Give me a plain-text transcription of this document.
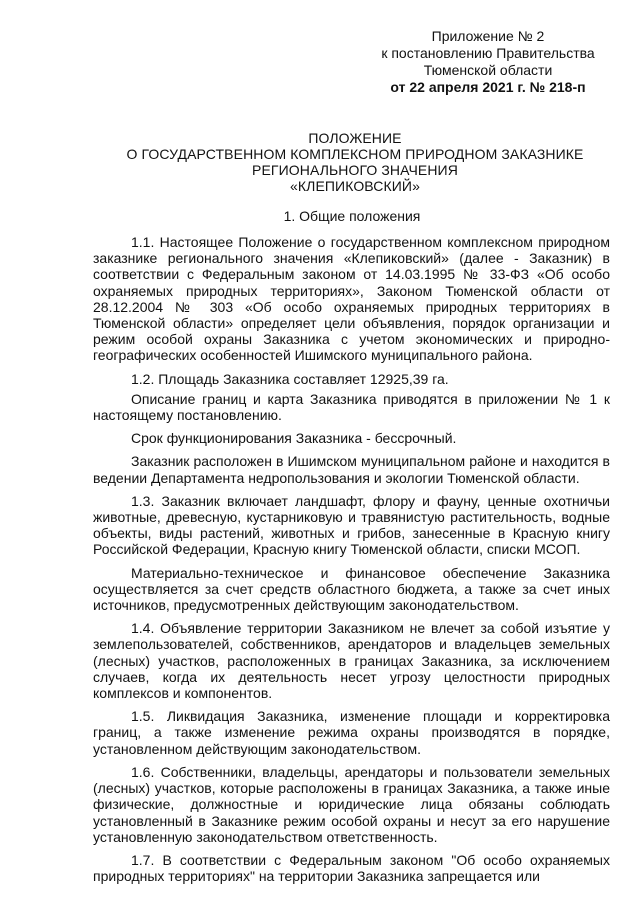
Приложение № 2
к постановлению Правительства
Тюменской области
от 22 апреля 2021 г. № 218-п
ПОЛОЖЕНИЕ
О ГОСУДАРСТВЕННОМ КОМПЛЕКСНОМ ПРИРОДНОМ ЗАКАЗНИКЕ
РЕГИОНАЛЬНОГО ЗНАЧЕНИЯ
«КЛЕПИКОВСКИЙ»
1. Общие положения

1.1. Настоящее Положение о государственном комплексном природном заказнике регионального значения «Клепиковский» (далее - Заказник) в соответствии с Федеральным законом от 14.03.1995 № 33-ФЗ «Об особо охраняемых природных территориях», Законом Тюменской области от 28.12.2004 № 303 «Об особо охраняемых природных территориях в Тюменской области» определяет цели объявления, порядок организации и режим особой охраны Заказника с учетом экономических и природно-географических особенностей Ишимского муниципального района.

1.2. Площадь Заказника составляет 12925,39 га.

Описание границ и карта Заказника приводятся в приложении № 1 к настоящему постановлению.

Срок функционирования Заказника - бессрочный.

Заказник расположен в Ишимском муниципальном районе и находится в ведении Департамента недропользования и экологии Тюменской области.

1.3. Заказник включает ландшафт, флору и фауну, ценные охотничьи животные, древесную, кустарниковую и травянистую растительность, водные объекты, виды растений, животных и грибов, занесенные в Красную книгу Российской Федерации, Красную книгу Тюменской области, списки МСОП.

Материально-техническое и финансовое обеспечение Заказника осуществляется за счет средств областного бюджета, а также за счет иных источников, предусмотренных действующим законодательством.

1.4. Объявление территории Заказником не влечет за собой изъятие у землепользователей, собственников, арендаторов и владельцев земельных (лесных) участков, расположенных в границах Заказника, за исключением случаев, когда их деятельность несет угрозу целостности природных комплексов и компонентов.

1.5. Ликвидация Заказника, изменение площади и корректировка границ, а также изменение режима охраны производятся в порядке, установленном действующим законодательством.

1.6. Собственники, владельцы, арендаторы и пользователи земельных (лесных) участков, которые расположены в границах Заказника, а также иные физические, должностные и юридические лица обязаны соблюдать установленный в Заказнике режим особой охраны и несут за его нарушение установленную законодательством ответственность.

1.7. В соответствии с Федеральным законом "Об особо охраняемых природных территориях" на территории Заказника запрещается или
